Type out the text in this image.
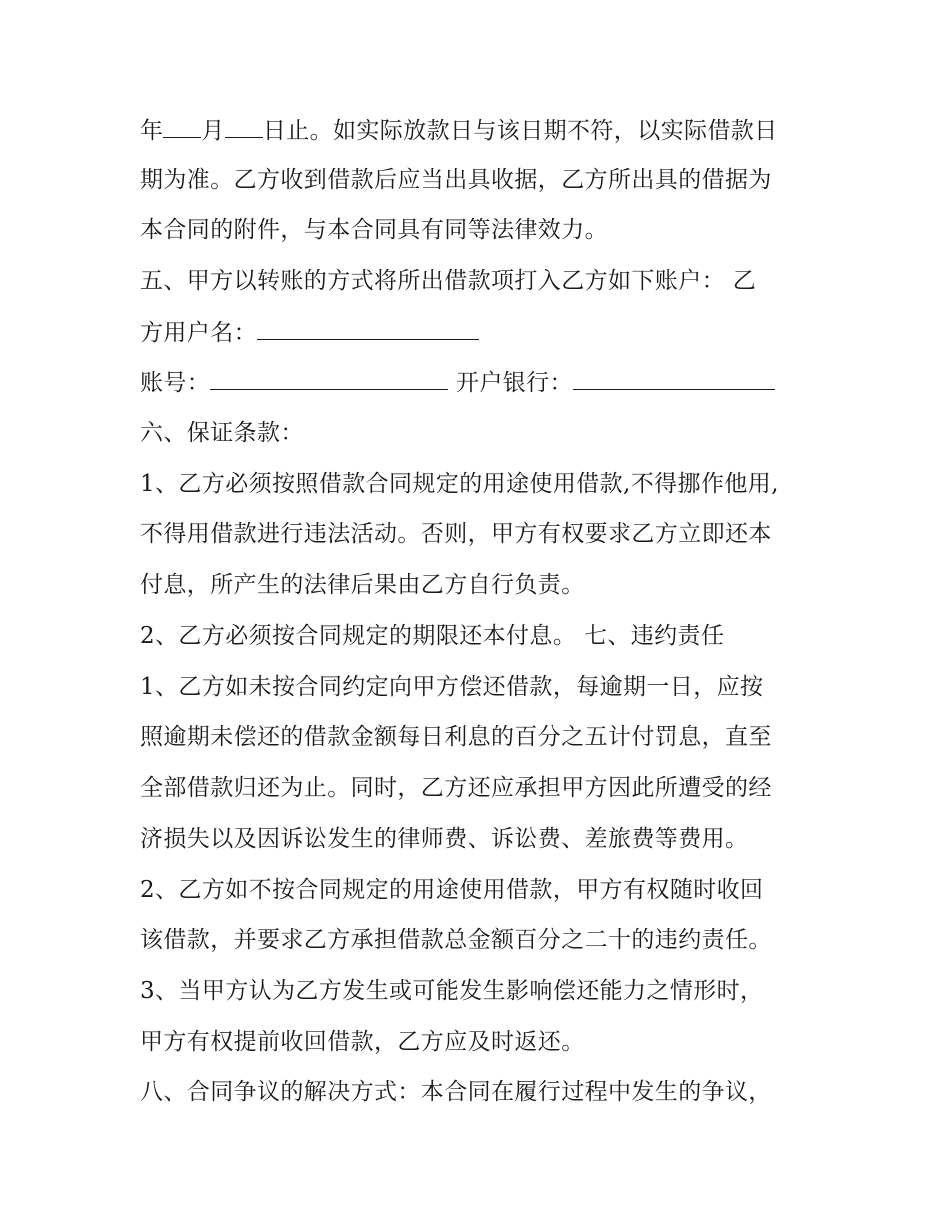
年 月 日止。如实际放款日与该日期不符，以实际借款日
期为准。乙方收到借款后应当出具收据，乙方所出具的借据为
本合同的附件，与本合同具有同等法律效力。
五、甲方以转账的方式将所出借款项打入乙方如下账户： 乙
方用户名：
账号：	开户银行：
六、保证条款：
1、乙方必须按照借款合同规定的用途使用借款,不得挪作他用,
不得用借款进行违法活动。否则，甲方有权要求乙方立即还本
付息，所产生的法律后果由乙方自行负责。
2、乙方必须按合同规定的期限还本付息。 七、违约责任
1、乙方如未按合同约定向甲方偿还借款，每逾期一日，应按
照逾期未偿还的借款金额每日利息的百分之五计付罚息，直至
全部借款归还为止。同时，乙方还应承担甲方因此所遭受的经
济损失以及因诉讼发生的律师费、诉讼费、差旅费等费用。
2、乙方如不按合同规定的用途使用借款，甲方有权随时收回
该借款，并要求乙方承担借款总金额百分之二十的违约责任。
3、当甲方认为乙方发生或可能发生影响偿还能力之情形时，
甲方有权提前收回借款，乙方应及时返还。
八、合同争议的解决方式：本合同在履行过程中发生的争议，
